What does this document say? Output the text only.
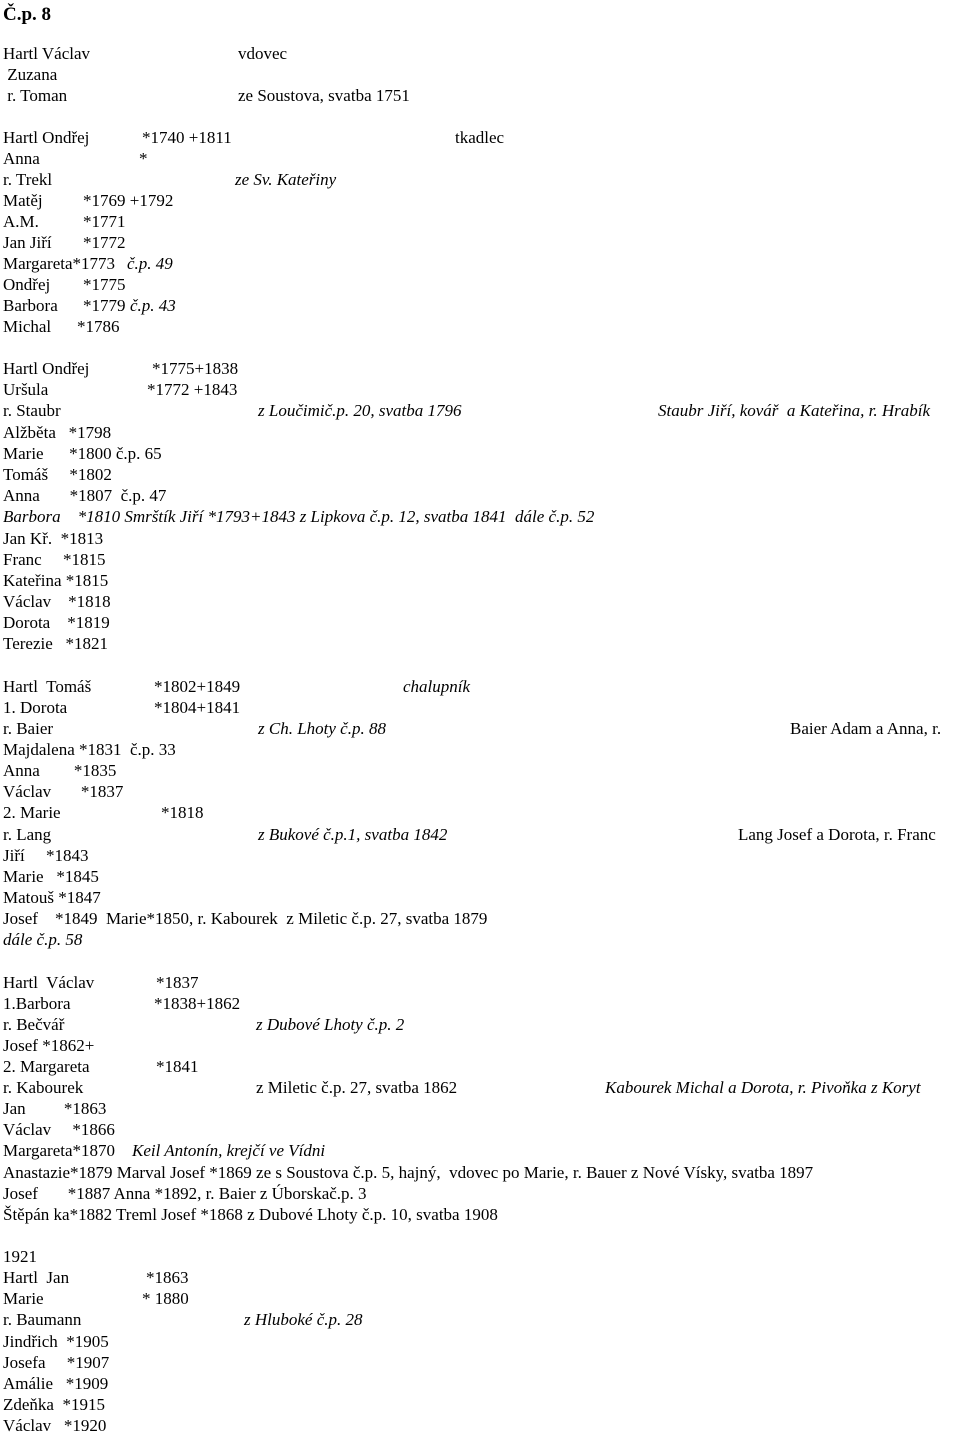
Č.p. 8
Hartl Václav	vdovec
Zuzana
r. Toman	ze Soustova, svatba 1751
Hartl Ondřej	*1740 +1811	tkadlec
Anna	*
r. Trekl	ze Sv. Kateřiny
Matěj *1769 +1792
A.M.	*1771
Jan Jiří *1772
Margareta*1773 č.p. 49
Ondřej *1775
Barbora *1779 č.p. 43
Michal *1786
Hartl Ondřej	*1775+1838
Uršula	*1772 +1843
r. Staubr	z Loučimič.p. 20, svatba 1796	Staubr Jiří, kovář  a Kateřina, r. Hrabík
Alžběta   *1798
Marie      *1800 č.p. 65
Tomáš     *1802
Anna       *1807  č.p. 47
Barbora    *1810 Smrštík Jiří *1793+1843 z Lipkova č.p. 12, svatba 1841  dále č.p. 52
Jan Kř.  *1813
Franc     *1815
Kateřina *1815
Václav    *1818
Dorota    *1819
Terezie   *1821
Hartl  Tomáš	*1802+1849	chalupník
1. Dorota	*1804+1841
r. Baier	z Ch. Lhoty č.p. 88	Baier Adam a Anna, r.
Majdalena *1831  č.p. 33
Anna        *1835
Václav       *1837
2. Marie	*1818
r. Lang	z Bukové č.p.1, svatba 1842	Lang Josef a Dorota, r. Franc
Jiří     *1843
Marie   *1845
Matouš *1847
Josef    *1849  Marie*1850, r. Kabourek  z Miletic č.p. 27, svatba 1879
dále č.p. 58
Hartl  Václav	*1837
1.Barbora	*1838+1862
r. Bečvář	z Dubové Lhoty č.p. 2
Josef *1862+
2. Margareta	*1841
r. Kabourek	z Miletic č.p. 27, svatba 1862	Kabourek Michal a Dorota, r. Pivoňka z Koryt
Jan         *1863
Václav     *1866
Margareta*1870 Keil Antonín, krejčí ve Vídni
Anastazie*1879 Marval Josef *1869 ze s Soustova č.p. 5, hajný,  vdovec po Marie, r. Bauer z Nové Vísky, svatba 1897
Josef       *1887 Anna *1892, r. Baier z Úborskač.p. 3
Štěpán ka*1882 Treml Josef *1868 z Dubové Lhoty č.p. 10, svatba 1908
1921
Hartl  Jan	*1863
Marie	* 1880
r. Baumann	z Hluboké č.p. 28
Jindřich  *1905
Josefa     *1907
Amálie   *1909
Zdeňka  *1915
Václav   *1920
